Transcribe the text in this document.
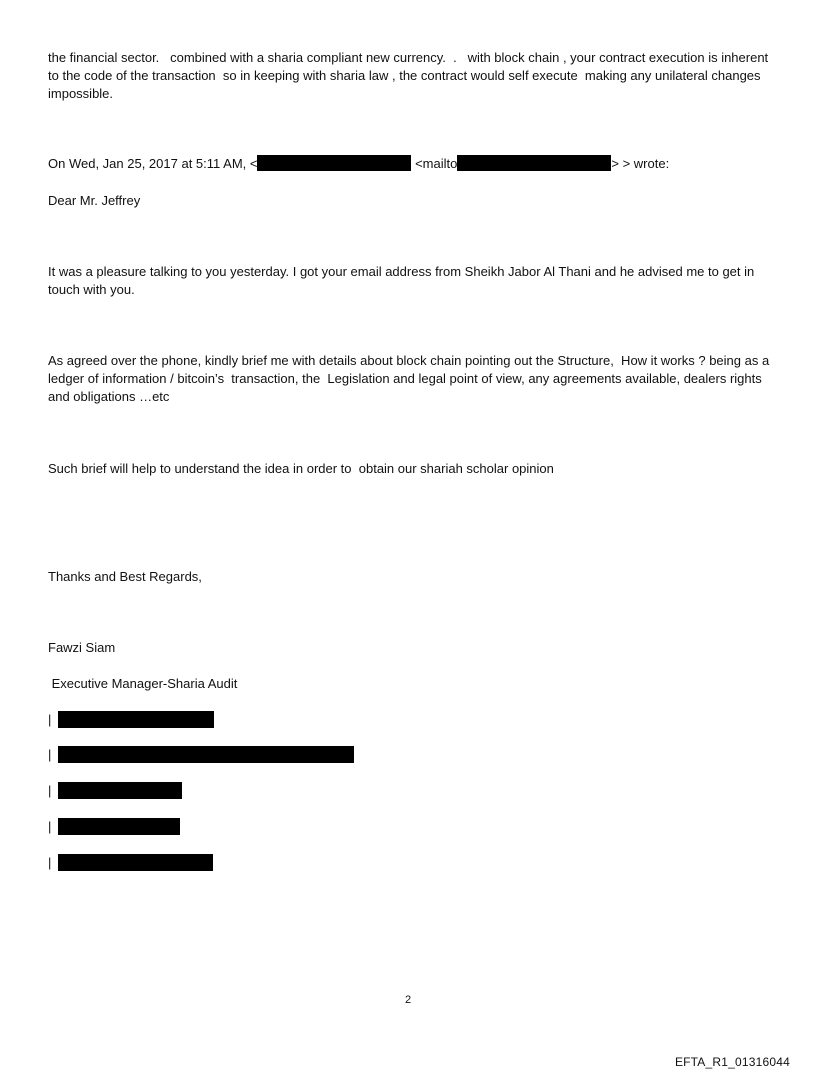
the financial sector.   combined with a sharia compliant new currency.  .   with block chain , your contract execution is inherent to the code of the transaction  so in keeping with sharia law , the contract would self execute  making any unilateral changes  impossible.

On Wed, Jan 25, 2017 at 5:11 AM, <	<mailto	> > wrote:

Dear Mr. Jeffrey

It was a pleasure talking to you yesterday. I got your email address from Sheikh Jabor Al Thani and he advised me to get in touch with you.

As agreed over the phone, kindly brief me with details about block chain pointing out the Structure,  How it works ? being as a ledger of information / bitcoin’s  transaction, the  Legislation and legal point of view, any agreements available, dealers rights and obligations …etc

Such brief will help to understand the idea in order to  obtain our shariah scholar opinion

Thanks and Best Regards,

Fawzi Siam

Executive Manager-Sharia Audit

|
|
|
|
|
2
EFTA_R1_01316044
